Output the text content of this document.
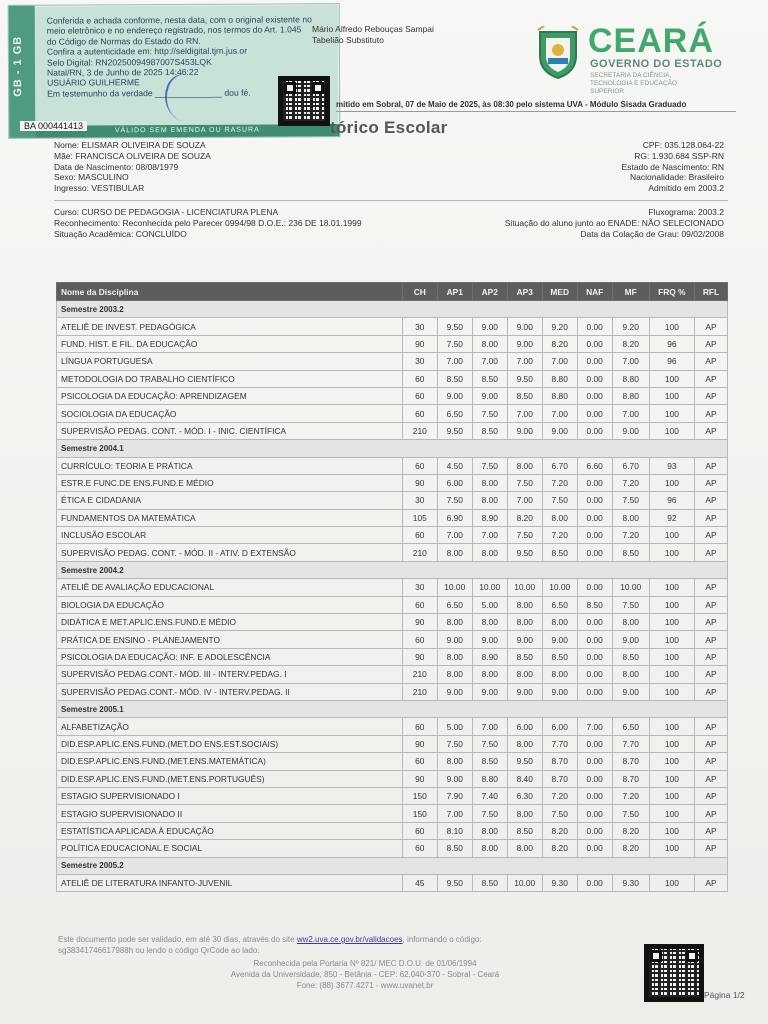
GB - 1 GB
Conferida e achada conforme, nesta data, com o original existente no
meio eletrônico e no endereço registrado, nos termos do Art. 1.045
do Código de Normas do Estado do RN.
Confira a autenticidade em: http://seldigital.tjrn.jus.or
Selo Digital: RN20250094987007S453LQK
Natal/RN, 3 de Junho de 2025 14:46:22
USUÁRIO GUILHERME
Em testemunho da verdade ______________ dou fé.
VÁLIDO SEM EMENDA OU RASURA
BA 000441413
Mário Alfredo Rebouças Sampai
Tabelião Substituto	CEARÁ
GOVERNO DO ESTADO
SECRETARIA DA CIÊNCIA, TECNOLOGIA E EDUCAÇÃO SUPERIOR
mitido em Sobral, 07 de Maio de 2025, às 08:30 pelo sistema UVA - Módulo Sisada Graduado
tórico Escolar
Nome: ELISMAR OLIVEIRA DE SOUZA
Mãe: FRANCISCA OLIVEIRA DE SOUZA
Data de Nascimento: 08/08/1979
Sexo: MASCULINO
Ingresso: VESTIBULAR
CPF: 035.128.064-22
RG: 1.930.684 SSP-RN
Estado de Nascimento: RN
Nacionalidade: Brasileiro
Admitido em 2003.2
Curso: CURSO DE PEDAGOGIA - LICENCIATURA PLENA
Reconhecimento: Reconhecida pelo Parecer 0994/98 D.O.E.: 236 DE 18.01.1999
Situação Acadêmica: CONCLUÍDO
Fluxograma: 2003.2
Situação do aluno junto ao ENADE: NÃO SELECIONADO
Data da Colação de Grau: 09/02/2008
Nome da Disciplina	CH	AP1	AP2	AP3	MED	NAF	MF	FRQ %	RFL
Semestre 2003.2									
ATELIÊ DE INVEST. PEDAGÓGICA	30	9.50	9.00	9.00	9.20	0.00	9.20	100	AP
FUND. HIST. E FIL. DA EDUCAÇÃO	90	7.50	8.00	9.00	8.20	0.00	8.20	96	AP
LÍNGUA PORTUGUESA	30	7.00	7.00	7.00	7.00	0.00	7.00	96	AP
METODOLOGIA DO TRABALHO CIENTÍFICO	60	8.50	8.50	9.50	8.80	0.00	8.80	100	AP
PSICOLOGIA DA EDUCAÇÃO: APRENDIZAGEM	60	9.00	9.00	8.50	8.80	0.00	8.80	100	AP
SOCIOLOGIA DA EDUCAÇÃO	60	6.50	7.50	7.00	7.00	0.00	7.00	100	AP
SUPERVISÃO PEDAG. CONT. - MÓD. I - INIC. CIENTÍFICA	210	9.50	8.50	9.00	9.00	0.00	9.00	100	AP
Semestre 2004.1									
CURRÍCULO: TEORIA E PRÁTICA	60	4.50	7.50	8.00	6.70	6.60	6.70	93	AP
ESTR.E FUNC.DE ENS.FUND.E MÉDIO	90	6.00	8.00	7.50	7.20	0.00	7.20	100	AP
ÉTICA E CIDADANIA	30	7.50	8.00	7.00	7.50	0.00	7.50	96	AP
FUNDAMENTOS DA MATEMÁTICA	105	6.90	8.90	8.20	8.00	0.00	8.00	92	AP
INCLUSÃO ESCOLAR	60	7.00	7.00	7.50	7.20	0.00	7.20	100	AP
SUPERVISÃO PEDAG. CONT. - MÓD. II - ATIV. D EXTENSÃO	210	8.00	8.00	9.50	8.50	0.00	8.50	100	AP
Semestre 2004.2									
ATELIÊ DE AVALIAÇÃO EDUCACIONAL	30	10.00	10.00	10.00	10.00	0.00	10.00	100	AP
BIOLOGIA DA EDUCAÇÃO	60	6.50	5.00	8.00	6.50	8.50	7.50	100	AP
DIDÁTICA E MET.APLIC.ENS.FUND.E MÉDIO	90	8.00	8.00	8.00	8.00	0.00	8.00	100	AP
PRÁTICA DE ENSINO - PLANEJAMENTO	60	9.00	9.00	9.00	9.00	0.00	9.00	100	AP
PSICOLOGIA DA EDUCAÇÃO: INF. E ADOLESCÊNCIA	90	8.00	8.90	8.50	8.50	0.00	8.50	100	AP
SUPERVISÃO PEDAG.CONT.- MÓD. III - INTERV.PEDAG. I	210	8.00	8.00	8.00	8.00	0.00	8.00	100	AP
SUPERVISÃO PEDAG.CONT.- MÓD. IV - INTERV.PEDAG. II	210	9.00	9.00	9.00	9.00	0.00	9.00	100	AP
Semestre 2005.1									
ALFABETIZAÇÃO	60	5.00	7.00	6.00	6.00	7.00	6.50	100	AP
DID.ESP.APLIC.ENS.FUND.(MET.DO ENS.EST.SOCIAIS)	90	7.50	7.50	8.00	7.70	0.00	7.70	100	AP
DID.ESP.APLIC.ENS.FUND.(MET.ENS.MATEMÁTICA)	60	8.00	8.50	9.50	8.70	0.00	8.70	100	AP
DID.ESP.APLIC.ENS.FUND.(MET.ENS.PORTUGUÊS)	90	9.00	8.80	8.40	8.70	0.00	8.70	100	AP
ESTAGIO SUPERVISIONADO I	150	7.90	7.40	6.30	7.20	0.00	7.20	100	AP
ESTAGIO SUPERVISIONADO II	150	7.00	7.50	8.00	7.50	0.00	7.50	100	AP
ESTATÍSTICA APLICADA À EDUCAÇÃO	60	8.10	8.00	8.50	8.20	0.00	8.20	100	AP
POLÍTICA EDUCACIONAL E SOCIAL	60	8.50	8.00	8.00	8.20	0.00	8.20	100	AP
Semestre 2005.2									
ATELIÊ DE LITERATURA INFANTO-JUVENIL	45	9.50	8.50	10.00	9.30	0.00	9.30	100	AP
Este documento pode ser validado, em até 30 dias, através do site ww2.uva.ce.gov.br/validacoes, informando o código:
sg38341746617988h ou lendo o código QrCode ao lado.
Reconhecida pela Portaria Nº 821/ MEC D.O.U. de 01/06/1994
Avenida da Universidade, 850 - Betânia - CEP: 62.040-370 - Sobral - Ceará
Fone: (88) 3677.4271 - www.uvanet.br
Página 1/2
